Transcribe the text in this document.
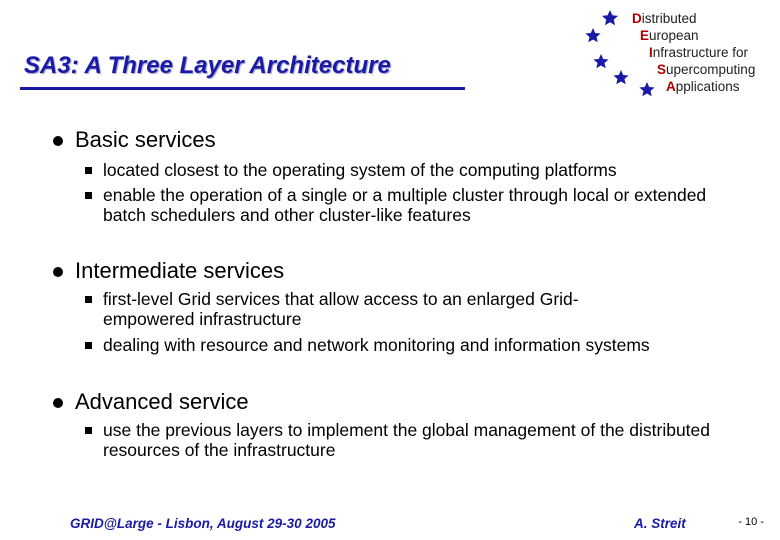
SA3: A Three Layer Architecture
Distributed
European
Infrastructure for
Supercomputing
Applications
Basic services
located closest to the operating system of the computing platforms
enable the operation of a single or a multiple cluster through local or extended batch schedulers and other cluster-like features
Intermediate services
first-level Grid services that allow access to an enlarged Grid-empowered infrastructure
dealing with resource and network monitoring and information systems
Advanced service
use the previous layers to implement the global management of the distributed resources of the infrastructure
GRID@Large - Lisbon, August 29-30 2005	A. Streit	- 10 -
